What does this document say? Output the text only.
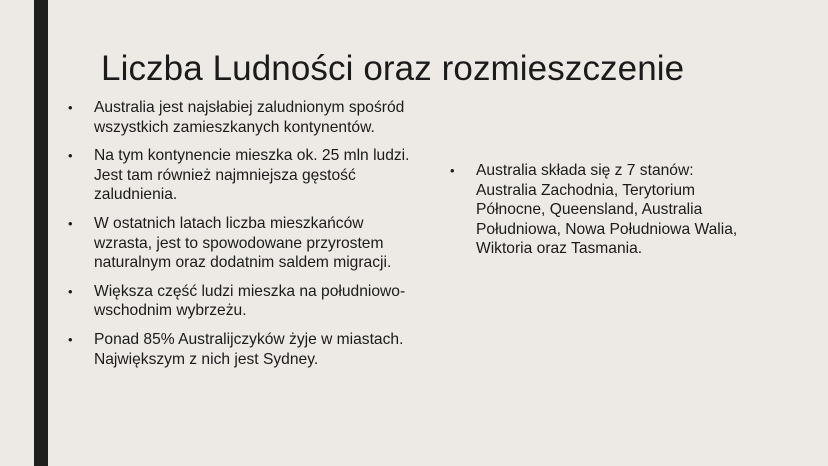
Liczba Ludności oraz rozmieszczenie
• Australia jest najsłabiej zaludnionym spośród wszystkich zamieszkanych kontynentów.
• Na tym kontynencie mieszka ok. 25 mln ludzi. Jest tam również najmniejsza gęstość zaludnienia.
• W ostatnich latach liczba mieszkańców wzrasta, jest to spowodowane przyrostem naturalnym oraz dodatnim saldem migracji.
• Większa część ludzi mieszka na południowo-wschodnim wybrzeżu.
• Ponad 85% Australijczyków żyje w miastach. Największym z nich jest Sydney.
• Australia składa się z 7 stanów: Australia Zachodnia, Terytorium Północne, Queensland, Australia Południowa, Nowa Południowa Walia, Wiktoria oraz Tasmania.
